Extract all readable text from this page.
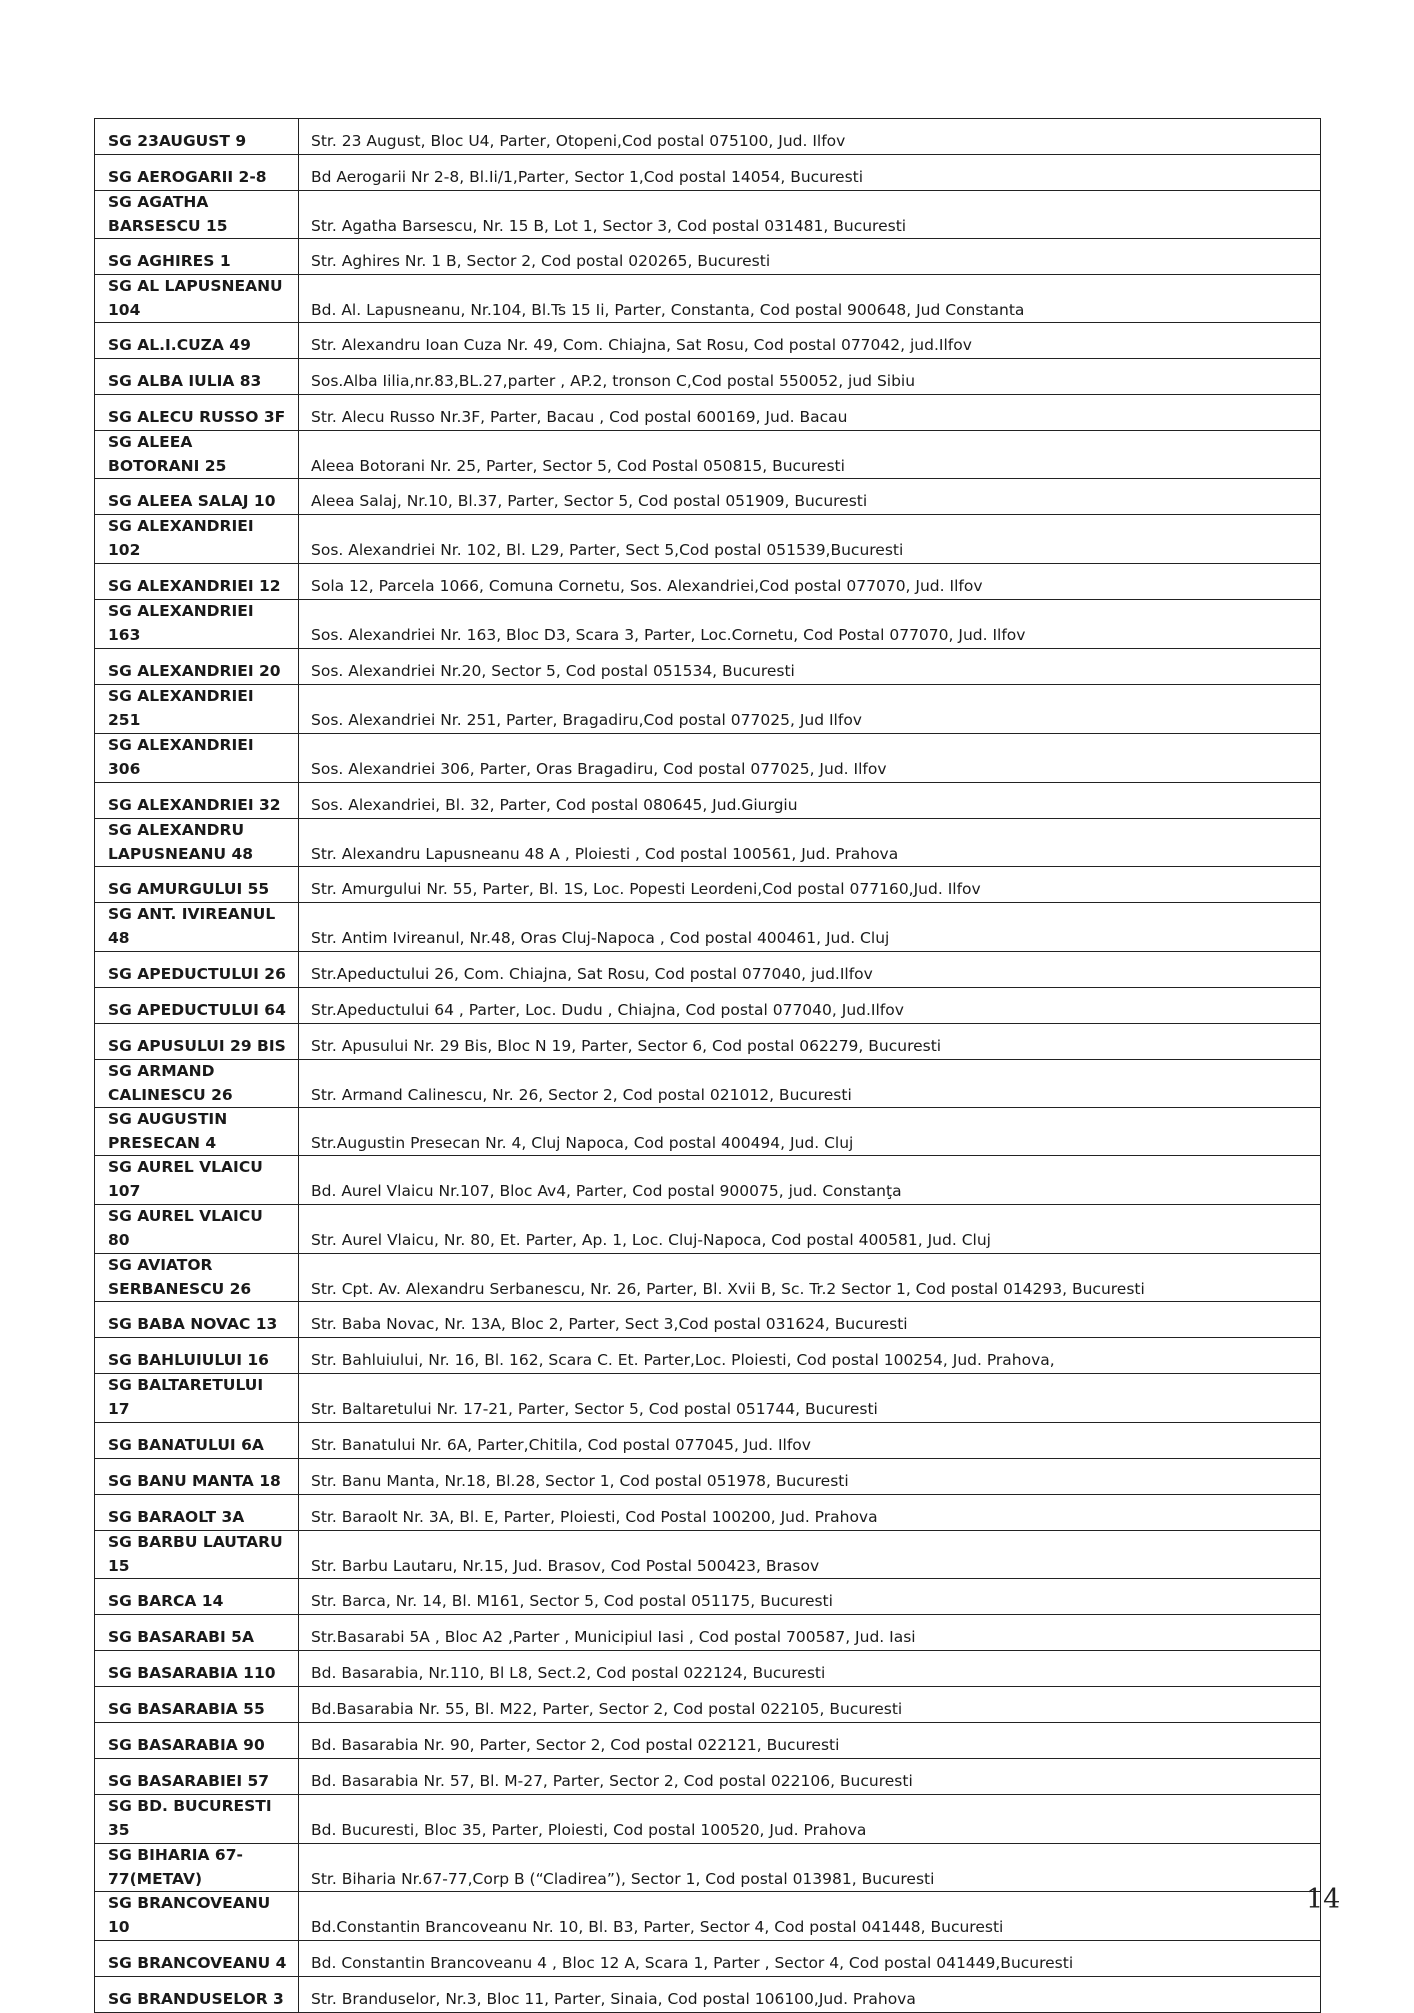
SG 23AUGUST 9	Str. 23 August, Bloc U4, Parter, Otopeni,Cod postal 075100, Jud. Ilfov
SG AEROGARII 2-8	Bd Aerogarii Nr 2-8, Bl.Ii/1,Parter, Sector 1,Cod postal 14054, Bucuresti
SG AGATHA BARSESCU 15	Str. Agatha Barsescu, Nr. 15 B, Lot 1, Sector 3, Cod postal 031481, Bucuresti
SG AGHIRES 1	Str. Aghires Nr. 1 B, Sector 2, Cod postal 020265, Bucuresti
SG AL LAPUSNEANU 104	Bd. Al. Lapusneanu, Nr.104, Bl.Ts 15 Ii, Parter, Constanta, Cod postal 900648, Jud Constanta
SG AL.I.CUZA 49	Str. Alexandru Ioan Cuza Nr. 49, Com. Chiajna, Sat Rosu, Cod postal 077042, jud.Ilfov
SG ALBA IULIA 83	Sos.Alba Iilia,nr.83,BL.27,parter , AP.2, tronson C,Cod postal 550052, jud Sibiu
SG ALECU RUSSO 3F	Str. Alecu Russo Nr.3F, Parter, Bacau , Cod postal 600169, Jud. Bacau
SG ALEEA BOTORANI 25	Aleea Botorani Nr. 25, Parter, Sector 5, Cod Postal 050815, Bucuresti
SG ALEEA SALAJ 10	Aleea Salaj, Nr.10, Bl.37, Parter, Sector 5, Cod postal 051909, Bucuresti
SG ALEXANDRIEI 102	Sos. Alexandriei Nr. 102, Bl. L29, Parter, Sect 5,Cod postal 051539,Bucuresti
SG ALEXANDRIEI 12	Sola 12, Parcela 1066, Comuna Cornetu, Sos. Alexandriei,Cod postal 077070, Jud. Ilfov
SG ALEXANDRIEI 163	Sos. Alexandriei Nr. 163, Bloc D3, Scara 3, Parter, Loc.Cornetu, Cod Postal 077070, Jud. Ilfov
SG ALEXANDRIEI 20	Sos. Alexandriei Nr.20, Sector 5, Cod postal 051534, Bucuresti
SG ALEXANDRIEI 251	Sos. Alexandriei Nr. 251, Parter, Bragadiru,Cod postal 077025, Jud Ilfov
SG ALEXANDRIEI 306	Sos. Alexandriei 306, Parter, Oras Bragadiru, Cod postal 077025, Jud. Ilfov
SG ALEXANDRIEI 32	Sos. Alexandriei, Bl. 32, Parter, Cod postal 080645, Jud.Giurgiu
SG ALEXANDRU LAPUSNEANU 48	Str. Alexandru Lapusneanu 48 A , Ploiesti , Cod postal 100561, Jud. Prahova
SG AMURGULUI 55	Str. Amurgului Nr. 55, Parter, Bl. 1S, Loc. Popesti Leordeni,Cod postal 077160,Jud. Ilfov
SG ANT. IVIREANUL 48	Str. Antim Ivireanul, Nr.48, Oras Cluj-Napoca , Cod postal 400461, Jud. Cluj
SG APEDUCTULUI 26	Str.Apeductului 26, Com. Chiajna, Sat Rosu, Cod postal 077040, jud.Ilfov
SG APEDUCTULUI 64	Str.Apeductului 64 , Parter, Loc. Dudu , Chiajna, Cod postal 077040, Jud.Ilfov
SG APUSULUI 29 BIS	Str. Apusului Nr. 29 Bis, Bloc N 19, Parter, Sector 6, Cod postal 062279, Bucuresti
SG ARMAND CALINESCU 26	Str. Armand Calinescu, Nr. 26, Sector 2, Cod postal 021012, Bucuresti
SG AUGUSTIN PRESECAN 4	Str.Augustin Presecan Nr. 4, Cluj Napoca, Cod postal 400494, Jud. Cluj
SG AUREL VLAICU 107	Bd. Aurel Vlaicu Nr.107, Bloc Av4, Parter, Cod postal 900075, jud. Constanţa
SG AUREL VLAICU 80	Str. Aurel Vlaicu, Nr. 80, Et. Parter, Ap. 1, Loc. Cluj-Napoca, Cod postal 400581, Jud. Cluj
SG AVIATOR SERBANESCU 26	Str. Cpt. Av. Alexandru Serbanescu, Nr. 26, Parter, Bl. Xvii B, Sc. Tr.2 Sector 1, Cod postal 014293, Bucuresti
SG BABA NOVAC 13	Str. Baba Novac, Nr. 13A, Bloc 2, Parter, Sect 3,Cod postal 031624, Bucuresti
SG BAHLUIULUI 16	Str. Bahluiului, Nr. 16, Bl. 162, Scara C. Et. Parter,Loc. Ploiesti, Cod postal 100254, Jud. Prahova,
SG BALTARETULUI 17	Str. Baltaretului Nr. 17-21, Parter, Sector 5, Cod postal 051744, Bucuresti
SG BANATULUI 6A	Str. Banatului Nr. 6A, Parter,Chitila, Cod postal 077045, Jud. Ilfov
SG BANU MANTA 18	Str. Banu Manta, Nr.18, Bl.28, Sector 1, Cod postal 051978, Bucuresti
SG BARAOLT 3A	Str. Baraolt Nr. 3A, Bl. E, Parter, Ploiesti, Cod Postal 100200, Jud. Prahova
SG BARBU LAUTARU 15	Str. Barbu Lautaru, Nr.15, Jud. Brasov, Cod Postal 500423, Brasov
SG BARCA 14	Str. Barca, Nr. 14, Bl. M161, Sector 5, Cod postal 051175, Bucuresti
SG BASARABI 5A	Str.Basarabi 5A , Bloc A2 ,Parter , Municipiul Iasi , Cod postal 700587, Jud. Iasi
SG BASARABIA 110	Bd. Basarabia, Nr.110, Bl L8, Sect.2, Cod postal 022124, Bucuresti
SG BASARABIA 55	Bd.Basarabia Nr. 55, Bl. M22, Parter, Sector 2, Cod postal 022105, Bucuresti
SG BASARABIA 90	Bd. Basarabia Nr. 90, Parter, Sector 2, Cod postal 022121, Bucuresti
SG BASARABIEI 57	Bd. Basarabia Nr. 57, Bl. M-27, Parter, Sector 2, Cod postal 022106, Bucuresti
SG BD. BUCURESTI 35	Bd. Bucuresti, Bloc 35, Parter, Ploiesti, Cod postal 100520, Jud. Prahova
SG BIHARIA 67-77(METAV)	Str. Biharia Nr.67-77,Corp B (“Cladirea”), Sector 1, Cod postal 013981, Bucuresti
SG BRANCOVEANU 10	Bd.Constantin Brancoveanu Nr. 10, Bl. B3, Parter, Sector 4, Cod postal 041448, Bucuresti
SG BRANCOVEANU 4	Bd. Constantin Brancoveanu 4 , Bloc 12 A, Scara 1, Parter , Sector 4, Cod postal 041449,Bucuresti
SG BRANDUSELOR 3	Str. Branduselor, Nr.3, Bloc 11, Parter, Sinaia, Cod postal 106100,Jud. Prahova
14
